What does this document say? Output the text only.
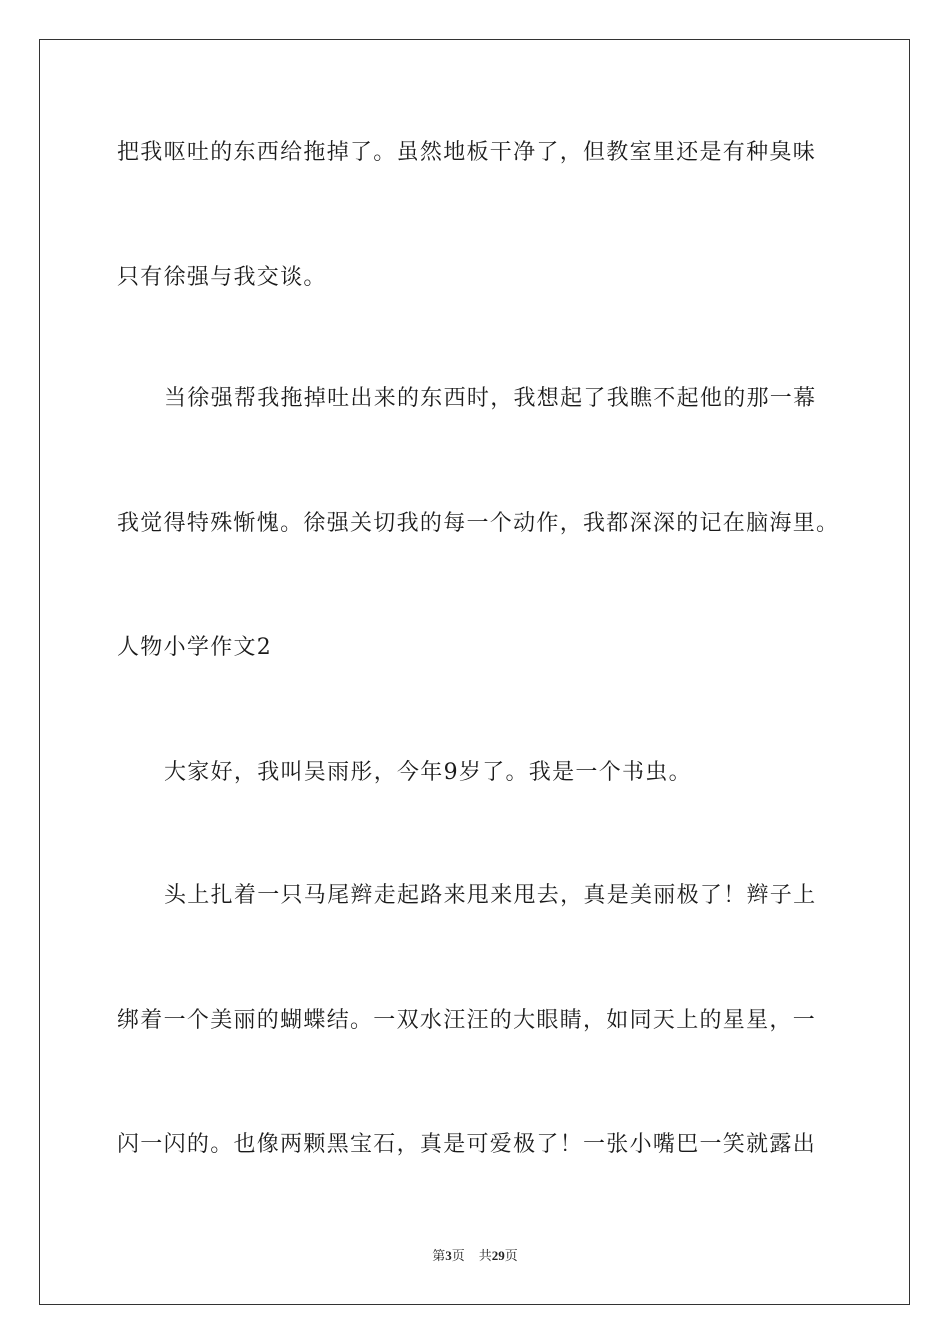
把我呕吐的东西给拖掉了。虽然地板干净了，但教室里还是有种臭味
只有徐强与我交谈。
当徐强帮我拖掉吐出来的东西时，我想起了我瞧不起他的那一幕
我觉得特殊惭愧。徐强关切我的每一个动作，我都深深的记在脑海里。
人物小学作文2
大家好，我叫吴雨彤，今年9岁了。我是一个书虫。
头上扎着一只马尾辫走起路来甩来甩去，真是美丽极了！辫子上
绑着一个美丽的蝴蝶结。一双水汪汪的大眼睛，如同天上的星星，一
闪一闪的。也像两颗黑宝石，真是可爱极了！一张小嘴巴一笑就露出
第3页 共29页
